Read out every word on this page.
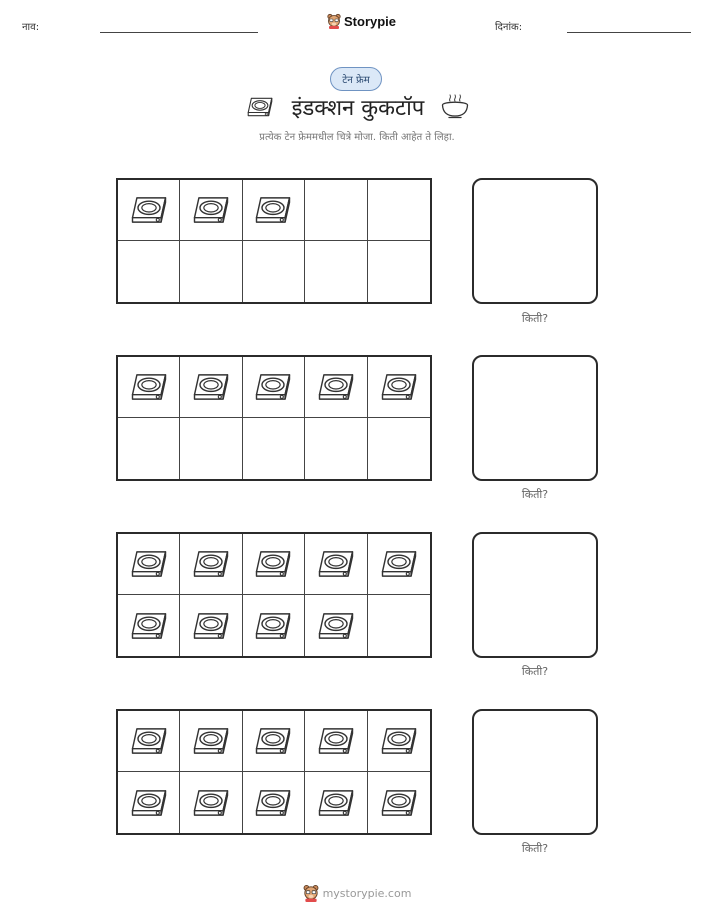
नाव:	Storypie	दिनांक:
टेन फ्रेम
इंडक्शन कुकटॉप
प्रत्येक टेन फ्रेममधील चित्रे मोजा. किती आहेत ते लिहा.
किती?
किती?
किती?
किती?
mystorypie.com
